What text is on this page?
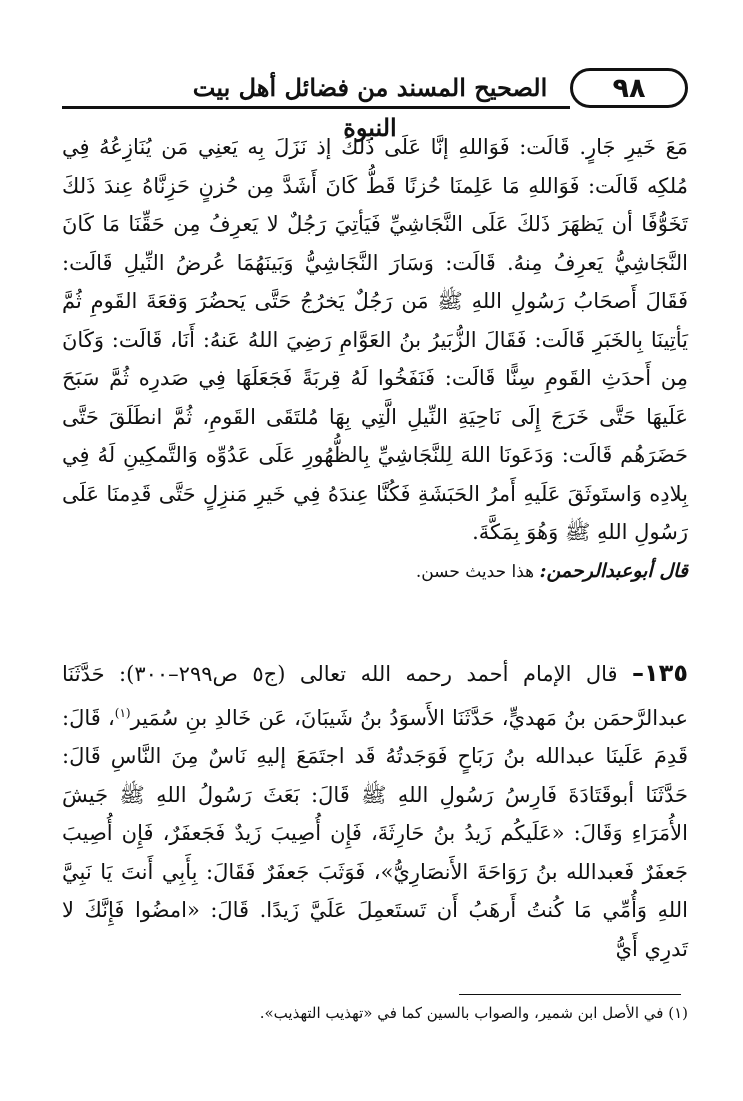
٩٨
الصحيح المسند من فضائل أهل بيت النبوة

مَعَ خَيرِ جَارٍ. قَالَت: فَوَاللهِ إنَّا عَلَى ذَلكَ إذ نَزَلَ بِه يَعنِي مَن يُنَازِعُهُ فِي مُلكِه قَالَت: فَوَاللهِ مَا عَلِمنَا حُزنًا قَطُّ كَانَ أَشَدَّ مِن حُزنٍ حَزِنَّاهُ عِندَ ذَلكَ تَخَوُّفًا أن يَظهَرَ ذَلكَ عَلَى النَّجَاشِيِّ فَيَأتِيَ رَجُلٌ لا يَعرِفُ مِن حَقِّنَا مَا كَانَ النَّجَاشِيُّ يَعرِفُ مِنهُ. قَالَت: وَسَارَ النَّجَاشِيُّ وَبَينَهُمَا عُرضُ النِّيلِ قَالَت: فَقَالَ أَصحَابُ رَسُولِ اللهِ ﷺ مَن رَجُلٌ يَخرُجُ حَتَّى يَحضُرَ وَقعَةَ القَومِ ثُمَّ يَأتِينَا بِالخَبَرِ قَالَت: فَقَالَ الزُّبَيرُ بنُ العَوَّامِ رَضِيَ اللهُ عَنهُ: أَنَا، قَالَت: وَكَانَ مِن أَحدَثِ القَومِ سِنًّا قَالَت: فَنَفَخُوا لَهُ قِربَةً فَجَعَلَهَا فِي صَدرِه ثُمَّ سَبَحَ عَلَيهَا حَتَّى خَرَجَ إِلَى نَاحِيَةِ النِّيلِ الَّتِي بِهَا مُلتَقَى القَومِ، ثُمَّ انطَلَقَ حَتَّى حَضَرَهُم قَالَت: وَدَعَونَا اللهَ لِلنَّجَاشِيِّ بِالظُّهُورِ عَلَى عَدُوِّه وَالتَّمكِينِ لَهُ فِي بِلادِه وَاستَوثَقَ عَلَيهِ أَمرُ الحَبَشَةِ فَكُنَّا عِندَهُ فِي خَيرِ مَنزِلٍ حَتَّى قَدِمنَا عَلَى رَسُولِ اللهِ ﷺ وَهُوَ بِمَكَّةَ.

قال أبوعبدالرحمن: هذا حديث حسن.

١٣٥– قال الإمام أحمد رحمه الله تعالى (ج٥ ص٢٩٩–٣٠٠): حَدَّثَنَا عبدالرَّحمَن بنُ مَهديٍّ، حَدَّثَنَا الأَسوَدُ بنُ شَيبَانَ، عَن خَالدِ بنِ سُمَير$^{(١)}$، قَالَ: قَدِمَ عَلَينَا عبدالله بنُ رَبَاحٍ فَوَجَدتُهُ قَد اجتَمَعَ إليهِ نَاسٌ مِنَ النَّاسِ قَالَ: حَدَّثَنَا أبوقَتَادَةَ فَارِسُ رَسُولِ اللهِ ﷺ قَالَ: بَعَثَ رَسُولُ اللهِ ﷺ جَيشَ الأُمَرَاءِ وَقَالَ: «عَلَيكُم زَيدُ بنُ حَارِثَةَ، فَإِن أُصِيبَ زَيدٌ فَجَعفَرٌ، فَإِن أُصِيبَ جَعفَرٌ فَعبدالله بنُ رَوَاحَةَ الأَنصَارِيُّ»، فَوَثَبَ جَعفَرٌ فَقَالَ: بِأَبِي أَنتَ يَا نَبِيَّ اللهِ وَأُمِّي مَا كُنتُ أَرهَبُ أَن تَستَعمِلَ عَلَيَّ زَيدًا. قَالَ: «امضُوا فَإِنَّكَ لا تَدرِي أَيُّ

(١) في الأصل ابن شمير، والصواب بالسين كما في «تهذيب التهذيب».
